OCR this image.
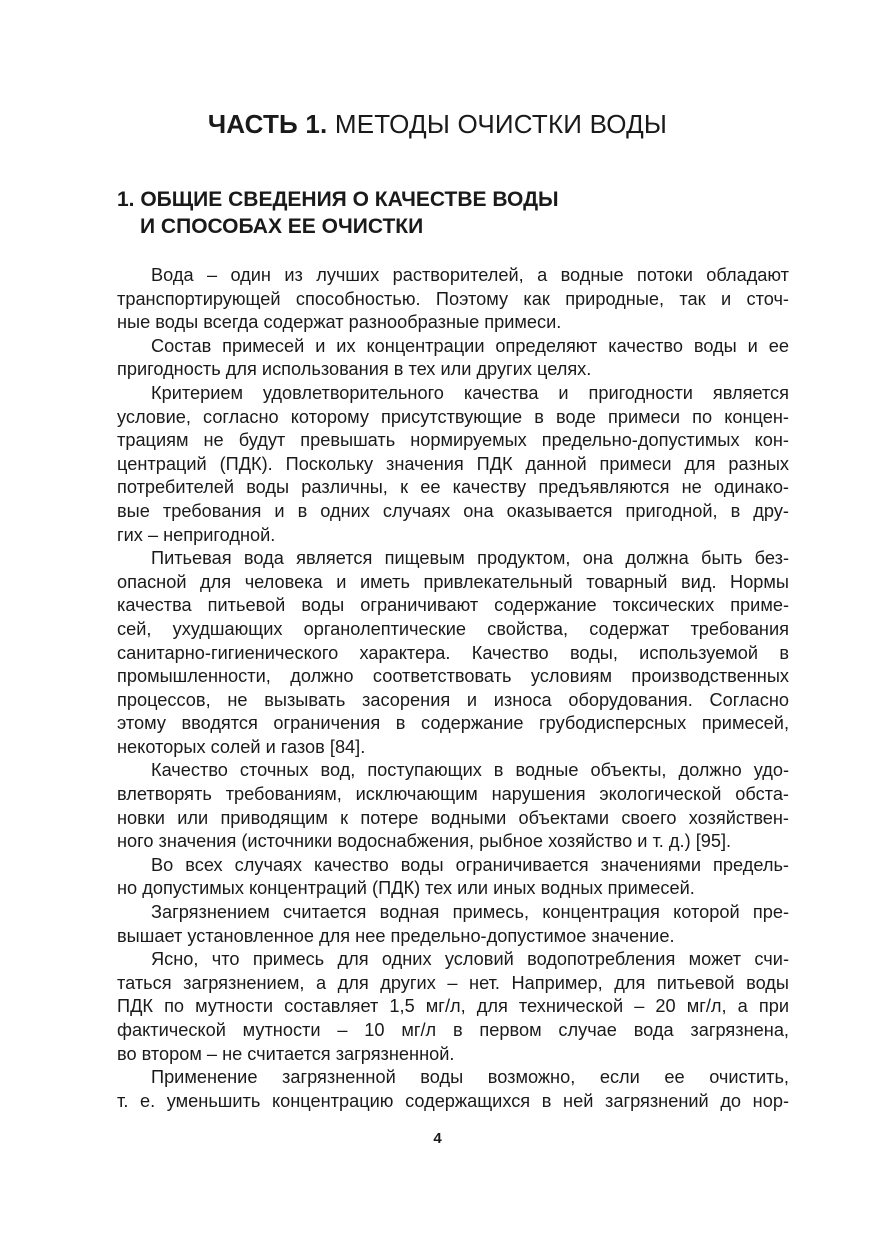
ЧАСТЬ 1. МЕТОДЫ ОЧИСТКИ ВОДЫ
1. ОБЩИЕ СВЕДЕНИЯ О КАЧЕСТВЕ ВОДЫ
И СПОСОБАХ ЕЕ ОЧИСТКИ

Вода – один из лучших растворителей, а водные потоки обладают
транспортирующей способностью. Поэтому как природные, так и сточ-
ные воды всегда содержат разнообразные примеси.

Состав примесей и их концентрации определяют качество воды и ее
пригодность для использования в тех или других целях.

Критерием удовлетворительного качества и пригодности является
условие, согласно которому присутствующие в воде примеси по концен-
трациям не будут превышать нормируемых предельно-допустимых кон-
центраций (ПДК). Поскольку значения ПДК данной примеси для разных
потребителей воды различны, к ее качеству предъявляются не одинако-
вые требования и в одних случаях она оказывается пригодной, в дру-
гих – непригодной.

Питьевая вода является пищевым продуктом, она должна быть без-
опасной для человека и иметь привлекательный товарный вид. Нормы
качества питьевой воды ограничивают содержание токсических приме-
сей, ухудшающих органолептические свойства, содержат требования
санитарно-гигиенического характера. Качество воды, используемой в
промышленности, должно соответствовать условиям производственных
процессов, не вызывать засорения и износа оборудования. Согласно
этому вводятся ограничения в содержание грубодисперсных примесей,
некоторых солей и газов [84].

Качество сточных вод, поступающих в водные объекты, должно удо-
влетворять требованиям, исключающим нарушения экологической обста-
новки или приводящим к потере водными объектами своего хозяйствен-
ного значения (источники водоснабжения, рыбное хозяйство и т. д.) [95].

Во всех случаях качество воды ограничивается значениями предель-
но допустимых концентраций (ПДК) тех или иных водных примесей.

Загрязнением считается водная примесь, концентрация которой пре-
вышает установленное для нее предельно-допустимое значение.

Ясно, что примесь для одних условий водопотребления может счи-
таться загрязнением, а для других – нет. Например, для питьевой воды
ПДК по мутности составляет 1,5 мг/л, для технической – 20 мг/л, а при
фактической мутности – 10 мг/л в первом случае вода загрязнена,
во втором – не считается загрязненной.

Применение загрязненной воды возможно, если ее очистить,
т. е. уменьшить концентрацию содержащихся в ней загрязнений до нор-

4
